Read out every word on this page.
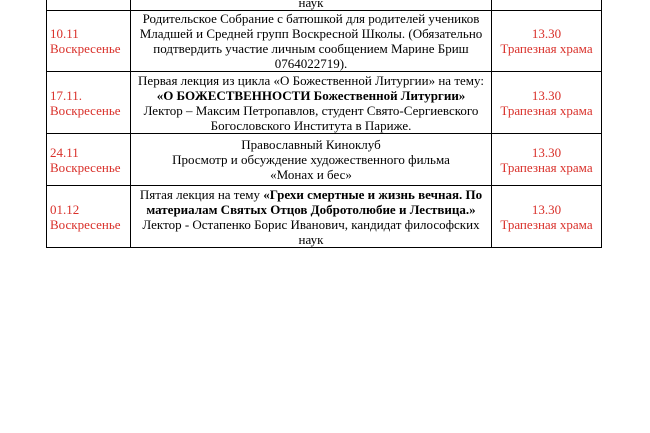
	наук	

10.11
Воскресенье	Родительское Собрание с батюшкой для родителей учеников
Младшей и Средней групп Воскресной Школы. (Обязательно
подтвердить участие личным сообщением Марине Бриш
0764022719).	13.30
Трапезная храма

17.11.
Воскресенье	Первая лекция из цикла «О Божественной Литургии» на тему:
«О БОЖЕСТВЕННОСТИ Божественной Литургии»
Лектор – Максим Петропавлов, студент Свято-Сергиевского
Богословского Института в Париже.	13.30
Трапезная храма

24.11
Воскресенье	Православный Киноклуб
Просмотр и обсуждение художественного фильма
«Монах и бес»	13.30
Трапезная храма

01.12
Воскресенье	Пятая лекция на тему «Грехи смертные и жизнь вечная. По
материалам Святых Отцов Добротолюбие и Лествица.»
Лектор - Остапенко Борис Иванович, кандидат философских
наук	13.30
Трапезная храма
